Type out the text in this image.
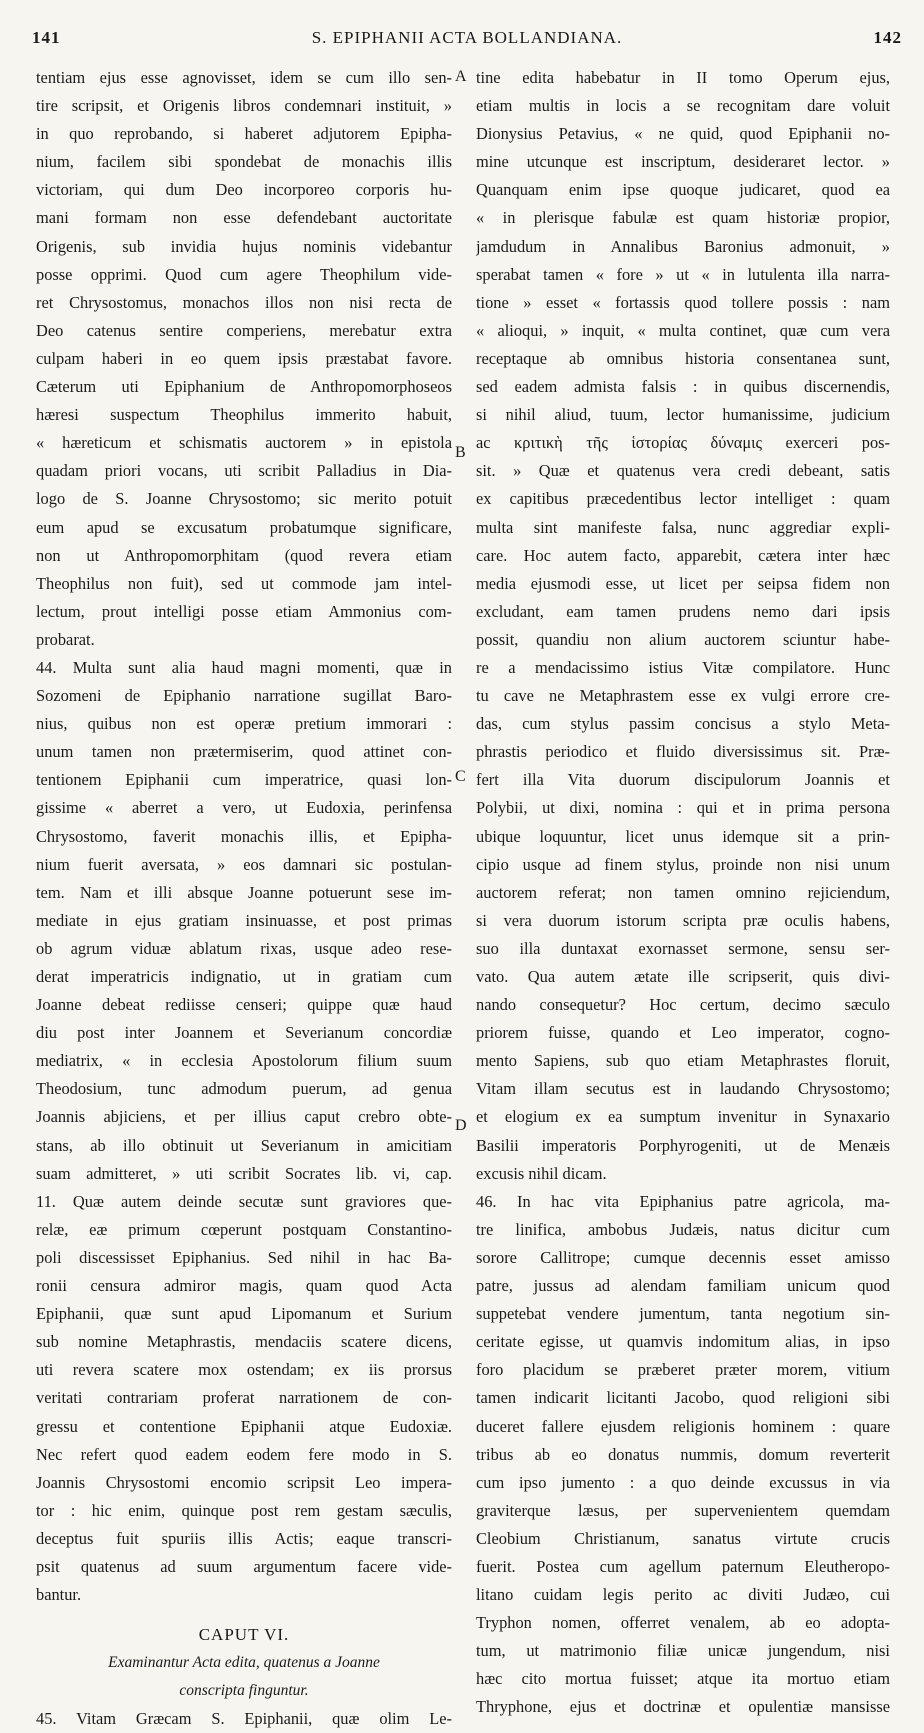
141	S. EPIPHANII ACTA BOLLANDIANA.	142
tentiam ejus esse agnovisset, idem se cum illo sen-
tire scripsit, et Origenis libros condemnari instituit, »
in quo reprobando, si haberet adjutorem Epipha-
nium, facilem sibi spondebat de monachis illis
victoriam, qui dum Deo incorporeo corporis hu-
mani formam non esse defendebant auctoritate
Origenis, sub invidia hujus nominis videbantur
posse opprimi. Quod cum agere Theophilum vide-
ret Chrysostomus, monachos illos non nisi recta de
Deo catenus sentire comperiens, merebatur extra
culpam haberi in eo quem ipsis præstabat favore.
Cæterum uti Epiphanium de Anthropomorphoseos
hæresi suspectum Theophilus immerito habuit,
« hæreticum et schismatis auctorem » in epistola
quadam priori vocans, uti scribit Palladius in Dia-
logo de S. Joanne Chrysostomo; sic merito potuit
eum apud se excusatum probatumque significare,
non ut Anthropomorphitam (quod revera etiam
Theophilus non fuit), sed ut commode jam intel-
lectum, prout intelligi posse etiam Ammonius com-
probarat.
44. Multa sunt alia haud magni momenti, quæ in
Sozomeni de Epiphanio narratione sugillat Baro-
nius, quibus non est operæ pretium immorari :
unum tamen non prætermiserim, quod attinet con-
tentionem Epiphanii cum imperatrice, quasi lon-
gissime « aberret a vero, ut Eudoxia, perinfensa
Chrysostomo, faverit monachis illis, et Epipha-
nium fuerit aversata, » eos damnari sic postulan-
tem. Nam et illi absque Joanne potuerunt sese im-
mediate in ejus gratiam insinuasse, et post primas
ob agrum viduæ ablatum rixas, usque adeo rese-
derat imperatricis indignatio, ut in gratiam cum
Joanne debeat rediisse censeri; quippe quæ haud
diu post inter Joannem et Severianum concordiæ
mediatrix, « in ecclesia Apostolorum filium suum
Theodosium, tunc admodum puerum, ad genua
Joannis abjiciens, et per illius caput crebro obte-
stans, ab illo obtinuit ut Severianum in amicitiam
suam admitteret, » uti scribit Socrates lib. vi, cap.
11. Quæ autem deinde secutæ sunt graviores que-
relæ, eæ primum cœperunt postquam Constantino-
poli discessisset Epiphanius. Sed nihil in hac Ba-
ronii censura admiror magis, quam quod Acta
Epiphanii, quæ sunt apud Lipomanum et Surium
sub nomine Metaphrastis, mendaciis scatere dicens,
uti revera scatere mox ostendam; ex iis prorsus
veritati contrariam proferat narrationem de con-
gressu et contentione Epiphanii atque Eudoxiæ.
Nec refert quod eadem eodem fere modo in S.
Joannis Chrysostomi encomio scripsit Leo impera-
tor : hic enim, quinque post rem gestam sæculis,
deceptus fuit spuriis illis Actis; eaque transcri-
psit quatenus ad suum argumentum facere vide-
bantur.
CAPUT VI.
Examinantur Acta edita, quatenus a Joanne
conscripta finguntur.
45. Vitam Græcam S. Epiphanii, quæ olim Le-
tine edita habebatur in II tomo Operum ejus,
etiam multis in locis a se recognitam dare voluit
Dionysius Petavius, « ne quid, quod Epiphanii no-
mine utcunque est inscriptum, desideraret lector. »
Quanquam enim ipse quoque judicaret, quod ea
« in plerisque fabulæ est quam historiæ propior,
jamdudum in Annalibus Baronius admonuit, »
sperabat tamen « fore » ut « in lutulenta illa narra-
tione » esset « fortassis quod tollere possis : nam
« alioqui, » inquit, « multa continet, quæ cum vera
receptaque ab omnibus historia consentanea sunt,
sed eadem admista falsis : in quibus discernendis,
si nihil aliud, tuum, lector humanissime, judicium
ac κριτικὴ τῆς ἱστορίας δύναμις exerceri pos-
sit. » Quæ et quatenus vera credi debeant, satis
ex capitibus præcedentibus lector intelliget : quam
multa sint manifeste falsa, nunc aggrediar expli-
care. Hoc autem facto, apparebit, cætera inter hæc
media ejusmodi esse, ut licet per seipsa fidem non
excludant, eam tamen prudens nemo dari ipsis
possit, quandiu non alium auctorem sciuntur habe-
re a mendacissimo istius Vitæ compilatore. Hunc
tu cave ne Metaphrastem esse ex vulgi errore cre-
das, cum stylus passim concisus a stylo Meta-
phrastis periodico et fluido diversissimus sit. Præ-
fert illa Vita duorum discipulorum Joannis et
Polybii, ut dixi, nomina : qui et in prima persona
ubique loquuntur, licet unus idemque sit a prin-
cipio usque ad finem stylus, proinde non nisi unum
auctorem referat; non tamen omnino rejiciendum,
si vera duorum istorum scripta præ oculis habens,
suo illa duntaxat exornasset sermone, sensu ser-
vato. Qua autem ætate ille scripserit, quis divi-
nando consequetur? Hoc certum, decimo sæculo
priorem fuisse, quando et Leo imperator, cogno-
mento Sapiens, sub quo etiam Metaphrastes floruit,
Vitam illam secutus est in laudando Chrysostomo;
et elogium ex ea sumptum invenitur in Synaxario
Basilii imperatoris Porphyrogeniti, ut de Menæis
excusis nihil dicam.
46. In hac vita Epiphanius patre agricola, ma-
tre linifica, ambobus Judæis, natus dicitur cum
sorore Callitrope; cumque decennis esset amisso
patre, jussus ad alendam familiam unicum quod
suppetebat vendere jumentum, tanta negotium sin-
ceritate egisse, ut quamvis indomitum alias, in ipso
foro placidum se præberet præter morem, vitium
tamen indicarit licitanti Jacobo, quod religioni sibi
duceret fallere ejusdem religionis hominem : quare
tribus ab eo donatus nummis, domum reverterit
cum ipso jumento : a quo deinde excussus in via
graviterque læsus, per supervenientem quemdam
Cleobium Christianum, sanatus virtute crucis
fuerit. Postea cum agellum paternum Eleutheropo-
litano cuidam legis perito ac diviti Judæo, cui
Tryphon nomen, offerret venalem, ab eo adopta-
tum, ut matrimonio filiæ unicæ jungendum, nisi
hæc cito mortua fuisset; atque ita mortuo etiam
Thryphone, ejus et doctrinæ et opulentiæ mansisse
A
B
C
D
